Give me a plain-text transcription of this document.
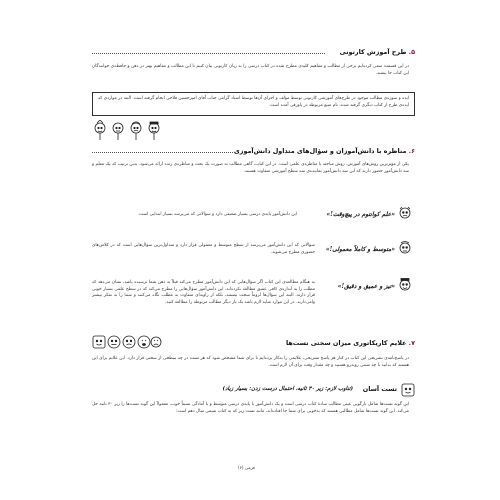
۵. طرح آموزش کارتونی

در این قسمت سعی کرده‌ایم برخی از مطالب و مفاهیم کلیدی مطرح شده در کتاب درسی را به زبان کارتونی بیان کنیم تا این مطالب و مفاهیم بهتر در ذهن و حافظه‌ی خوانندگان این کتاب جا بیفتند.

ایده و سوژه‌ی مطالب موجود در طرح‌های آموزشی کارتونی توسط مؤلف و اجرای آن‌ها توسط استاد گرامی جناب آقای امیرحسین فلاحی انجام گرفته است. البته در مواردی که ایده‌ی طرح از کتاب دیگری گرفته شده، نام منبع مربوطه در پاورقی آمده است.

۶. مناظره با دانش‌آموزان و سؤال‌های متداول دانش‌آموزی

یکی از مؤثرترین روش‌های آموزش، روش مباحثه یا مناظره‌ی علمی است. در این کتاب، گاهی مطالب به صورت یک بحث و مناظره‌ی زنده ارائه می‌شود. بدین ترتیب که یک معلم و سه دانش‌آموز حضور دارند که این سه دانش‌آموز نماینده‌ی سه سطح آموزشی متفاوت هستند.

«علم کوانتوم در پیچ‌وقت!»

این دانش‌آموز پایه‌ی درسی بسیار ضعیفی دارد و سؤالاتی که می‌پرسد بسیار ابتدایی است.

«متوسط و کاملاً معمولی!»

سؤالاتی که این دانش‌آموز می‌پرسد از سطح متوسط و معمولی قرار دارد و متداول‌ترین سؤال‌هایی است که در کلاس‌های حضوری مطرح می‌شوند.

«تیز و عمیق و دقیق!»

به هنگام مطالعه‌ی این کتاب اگر سؤال‌هایی که این دانش‌آموز مطرح می‌کند قبلاً به ذهن شما نرسیده باشد، نشان می‌دهد که مطلب را به اندازه‌ی کافی عمیق مطالعه نکرده‌اید. این دانش‌آموز سؤال‌هایی را مطرح می‌کند که در سطح علمی بسیار خوبی قرار دارند. البته این سؤال‌ها لزوماً سخت نیستند، بلکه از زاویه‌ای متفاوت به مطلب نگاه می‌کنند و شما را به تفکر بیشتر وامی‌دارند. در این موارد شاید لازم باشد یک بار دیگر مطالب مربوطه را مطالعه کنید.

۷. علایم کاریکاتوری میزان سختی تست‌ها

در پاسخ‌نامه‌ی تشریحی این کتاب در کنار هر پاسخ تشریحی، علایمی را به‌کار برده‌ایم تا برای شما مشخص شود که هر تست در چه سطحی از سختی قرار دارد. این علایم برای این هستند که بدانید با چه تستی روبه‌رو هستید و چه مقدار وقت برای آن لازم است.

تست آسان
(تناوب لازم: زیر ۳۰ ثانیه، احتمال درست زدن: بسیار زیاد)

این گونه تست‌ها شامل بازگویی عینی مطالب سادهٔ کتاب درسی است و یک دانش‌آموز با پایه‌ی درسی متوسط و با آمادگی نسبتاً خوب، معمولاً این گونه تست‌ها را زیر ۳۰ ثانیه حل می‌کند. این گونه تست‌ها شامل مطالبی هستند که به‌خوبی برای شما جا افتاده‌اند، مانند تست زیر که به کتاب شیمی سال دهم است:

فرمی (۶)
